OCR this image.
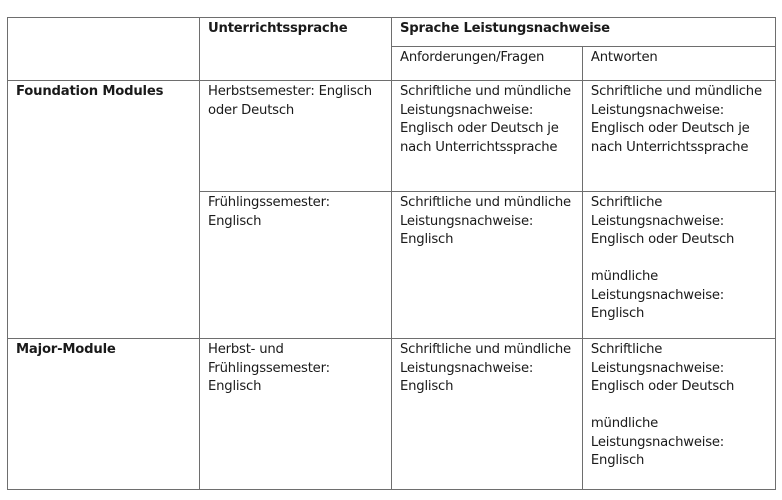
	Unterrichtssprache	Sprache Leistungsnachweise	
		Anforderungen/Fragen	Antworten
Foundation Modules	Herbstsemester: Englisch oder Deutsch	Schriftliche und mündliche Leistungsnachweise: Englisch oder Deutsch je nach Unterrichtssprache	Schriftliche und mündliche Leistungsnachweise: Englisch oder Deutsch je nach Unterrichtssprache

	Frühlingssemester: Englisch	Schriftliche und mündliche Leistungsnachweise: Englisch	Schriftliche Leistungsnachweise: Englisch oder Deutsch
mündliche Leistungsnachweise: Englisch

Major-Module	Herbst- und Frühlingssemester: Englisch	Schriftliche und mündliche Leistungsnachweise: Englisch	Schriftliche Leistungsnachweise: Englisch oder Deutsch
mündliche Leistungsnachweise: Englisch
